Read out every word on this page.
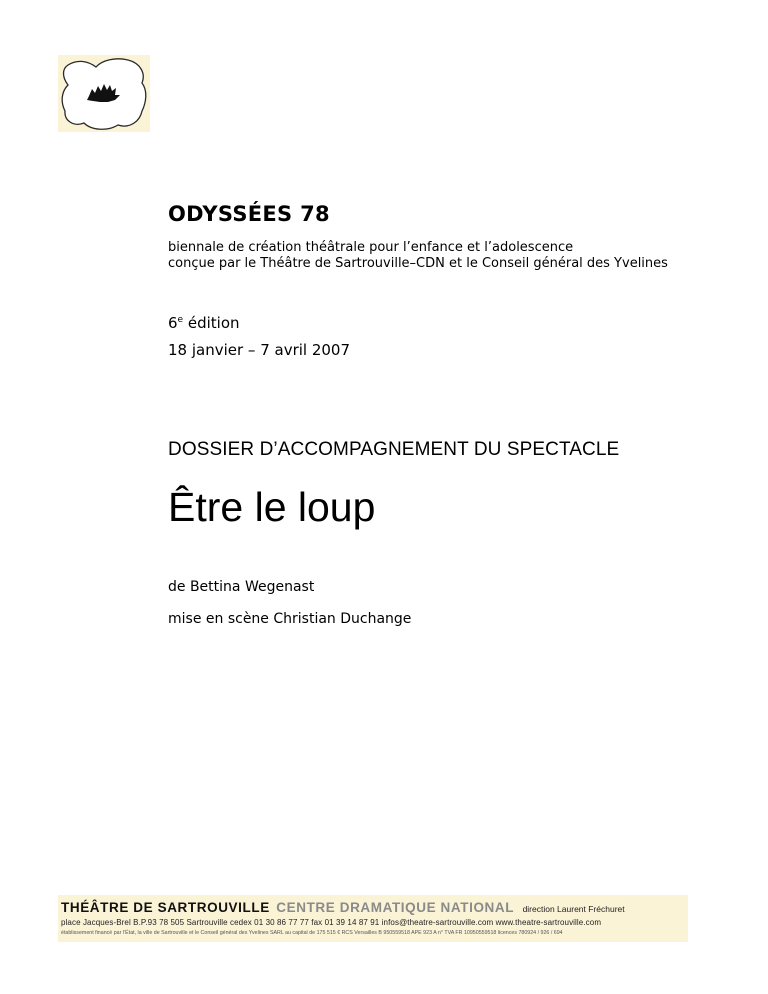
ODYSSÉES 78
biennale de création théâtrale pour l’enfance et l’adolescence
conçue par le Théâtre de Sartrouville–CDN et le Conseil général des Yvelines
6e édition
18 janvier – 7 avril 2007
DOSSIER D’ACCOMPAGNEMENT DU SPECTACLE
Être le loup
de Bettina Wegenast
mise en scène Christian Duchange
THÉÂTRE DE SARTROUVILLE CENTRE DRAMATIQUE NATIONAL direction Laurent Fréchuret
place Jacques-Brel B.P.93 78 505 Sartrouville cedex 01 30 86 77 77 fax 01 39 14 87 91 infos@theatre-sartrouville.com www.theatre-sartrouville.com
établissement financé par l’État, la ville de Sartrouville et le Conseil général des Yvelines SARL au capital de 175 515 € RCS Versailles B 950559518 APE 923 A n° TVA FR 10950559518 licences 780924 / 926 / 694
